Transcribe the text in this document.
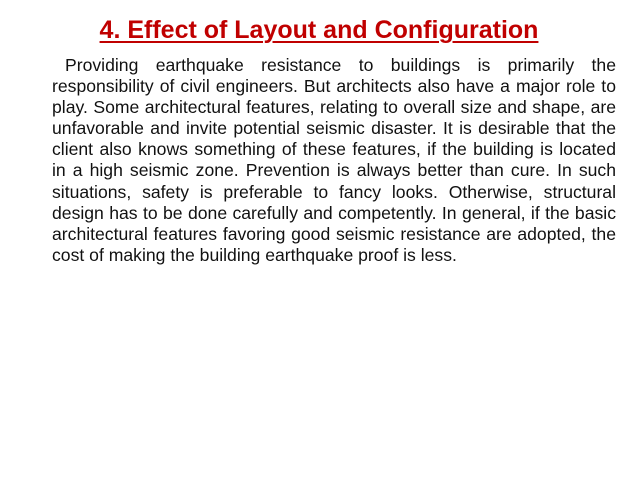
4. Effect of Layout and Configuration

Providing earthquake resistance to buildings is primarily the responsibility of civil engineers. But architects also have a major role to play. Some architectural features, relating to overall size and shape, are unfavorable and invite potential seismic disaster. It is desirable that the client also knows something of these features, if the building is located in a high seismic zone. Prevention is always better than cure. In such situations, safety is preferable to fancy looks. Otherwise, structural design has to be done carefully and competently. In general, if the basic architectural features favoring good seismic resistance are adopted, the cost of making the building earthquake proof is less.
